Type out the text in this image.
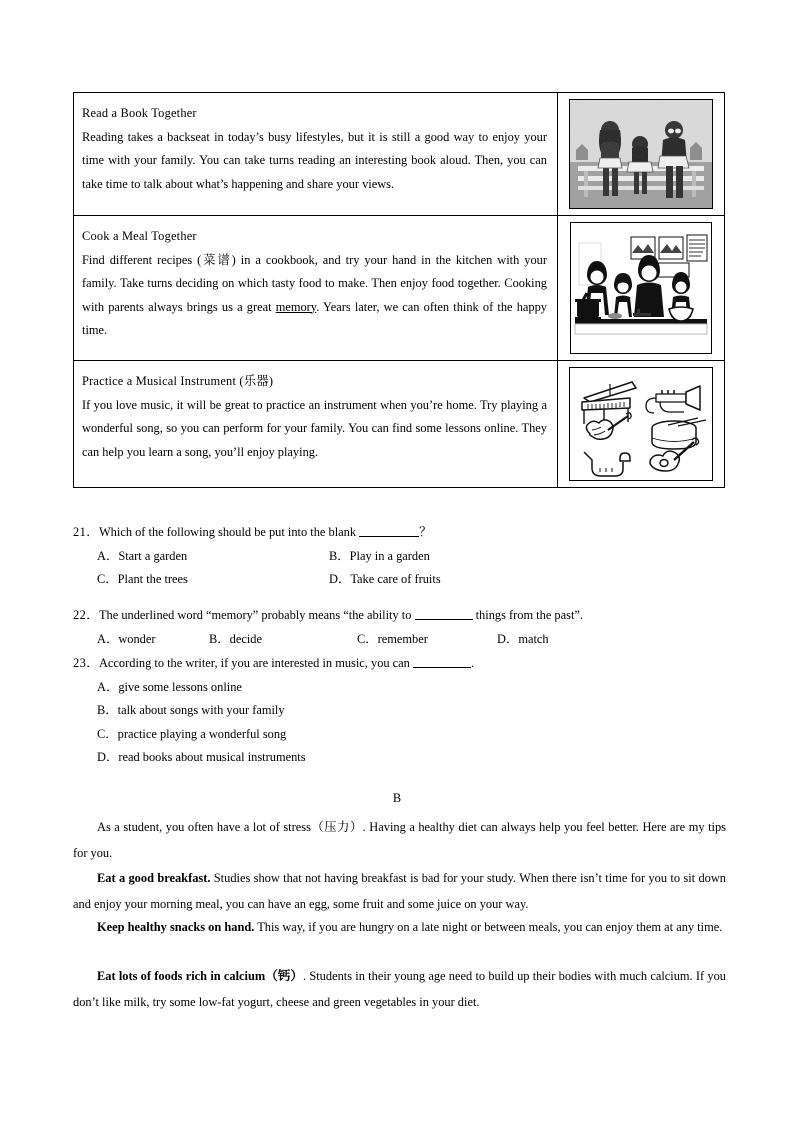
Read a Book Together
Reading takes a backseat in today’s busy lifestyles, but it is still a good way to enjoy your time with your family. You can take turns reading an interesting book aloud. Then, you can take time to talk about what’s happening and share your views.

Cook a Meal Together
Find different recipes (菜谱) in a cookbook, and try your hand in the kitchen with your family. Take turns deciding on which tasty food to make. Then enjoy food together. Cooking with parents always brings us a great memory. Years later, we can often think of the happy time.

Practice a Musical Instrument (乐器)
If you love music, it will be great to practice an instrument when you’re home. Try playing a wonderful song, so you can perform for your family. You can find some lessons online. They can help you learn a song, you’ll enjoy playing.

21．Which of the following should be put into the blank	？
A．Start a garden	B．Play in a garden
C．Plant the trees	D．Take care of fruits
22．The underlined word “memory” probably means “the ability to	things from the past”.
A．wonder	B．decide	C．remember	D．match
23．According to the writer, if you are interested in music, you can	.
A．give some lessons online
B．talk about songs with your family
C．practice playing a wonderful song
D．read books about musical instruments
B
As a student, you often have a lot of stress（压力）. Having a healthy diet can always help you feel better. Here are my tips for you.
Eat a good breakfast. Studies show that not having breakfast is bad for your study. When there isn’t time for you to sit down and enjoy your morning meal, you can have an egg, some fruit and some juice on your way.
Keep healthy snacks on hand. This way, if you are hungry on a late night or between meals, you can enjoy them at any time.
Eat lots of foods rich in calcium（钙）. Students in their young age need to build up their bodies with much calcium. If you don’t like milk, try some low-fat yogurt, cheese and green vegetables in your diet.
